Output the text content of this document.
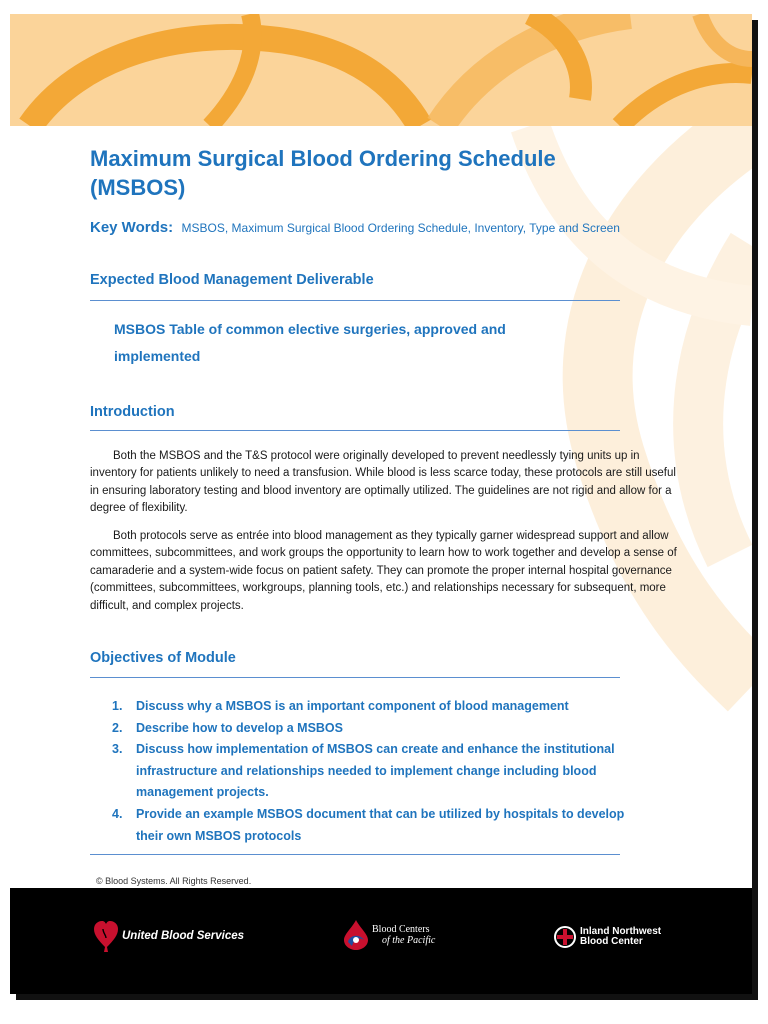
Maximum Surgical Blood Ordering Schedule (MSBOS)
Key Words: MSBOS, Maximum Surgical Blood Ordering Schedule, Inventory, Type and Screen
Expected Blood Management Deliverable

MSBOS Table of common elective surgeries, approved and implemented

Introduction

Both the MSBOS and the T&S protocol were originally developed to prevent needlessly tying units up in inventory for patients unlikely to need a transfusion. While blood is less scarce today, these protocols are still useful in ensuring laboratory testing and blood inventory are optimally utilized. The guidelines are not rigid and allow for a degree of flexibility.

Both protocols serve as entrée into blood management as they typically garner widespread support and allow committees, subcommittees, and work groups the opportunity to learn how to work together and develop a sense of camaraderie and a system-wide focus on patient safety. They can promote the proper internal hospital governance (committees, subcommittees, workgroups, planning tools, etc.) and relationships necessary for subsequent, more difficult, and complex projects.

Objectives of Module
1. Discuss why a MSBOS is an important component of blood management
2. Describe how to develop a MSBOS
3. Discuss how implementation of MSBOS can create and enhance the institutional infrastructure and relationships needed to implement change including blood management projects.
4. Provide an example MSBOS document that can be utilized by hospitals to develop their own MSBOS protocols
© Blood Systems. All Rights Reserved.
United Blood Services
Blood Centers
of the Pacific
Inland Northwest
Blood Center
